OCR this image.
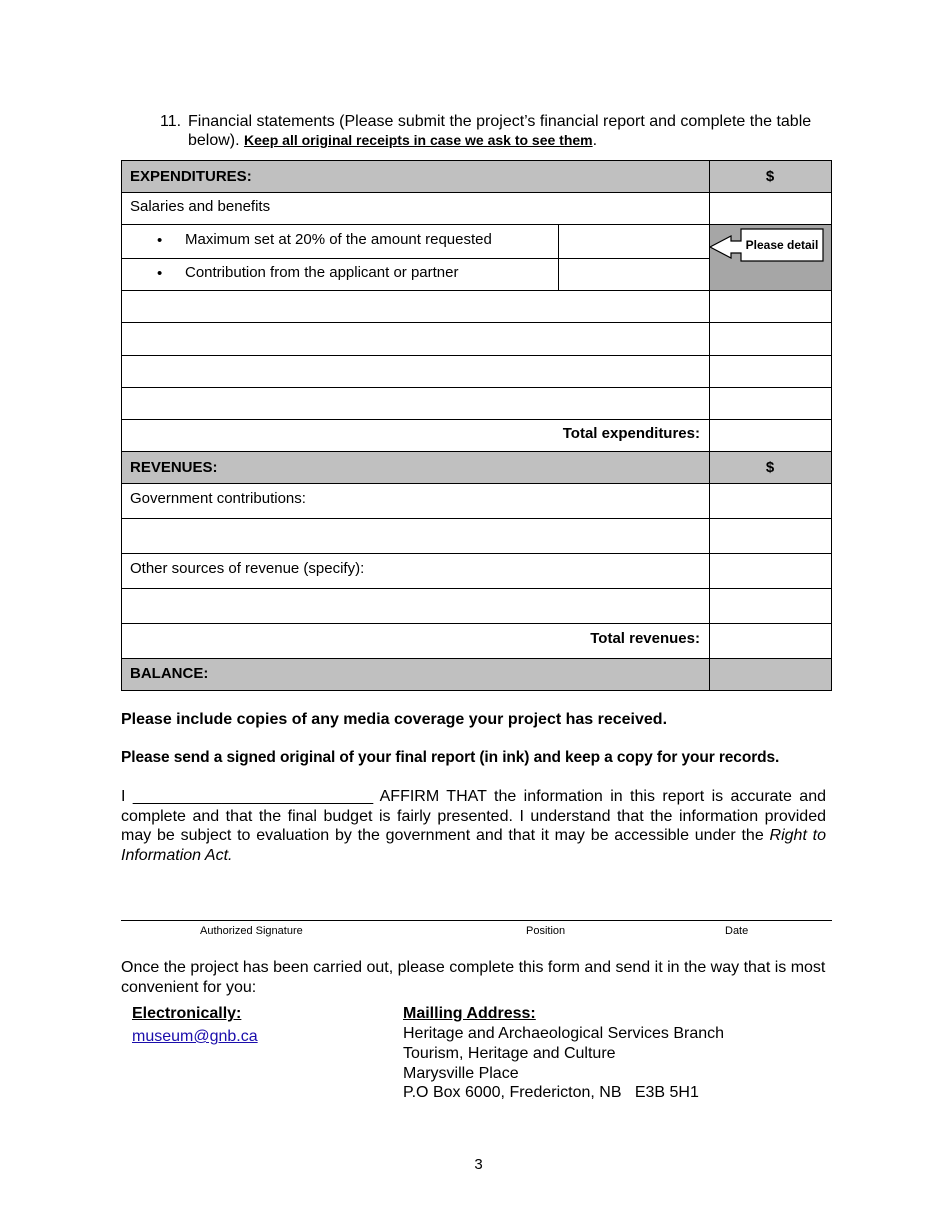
11. Financial statements (Please submit the project’s financial report and complete the table below). Keep all original receipts in case we ask to see them.
EXPENDITURES:	$
Salaries and benefits
• Maximum set at 20% of the amount requested
• Contribution from the applicant or partner
Total expenditures:
REVENUES:	$
Government contributions:
Other sources of revenue (specify):
Total revenues:
BALANCE:
Please detail
Please include copies of any media coverage your project has received.
Please send a signed original of your final report (in ink) and keep a copy for your records.
I ___________________________ AFFIRM THAT the information in this report is accurate and complete and that the final budget is fairly presented. I understand that the information provided may be subject to evaluation by the government and that it may be accessible under the Right to Information Act.
Authorized Signature	Position	Date
Once the project has been carried out, please complete this form and send it in the way that is most convenient for you:
Electronically:
museum@gnb.ca
Mailling Address:
Heritage and Archaeological Services Branch
Tourism, Heritage and Culture
Marysville Place
P.O Box 6000, Fredericton, NB   E3B 5H1
3
